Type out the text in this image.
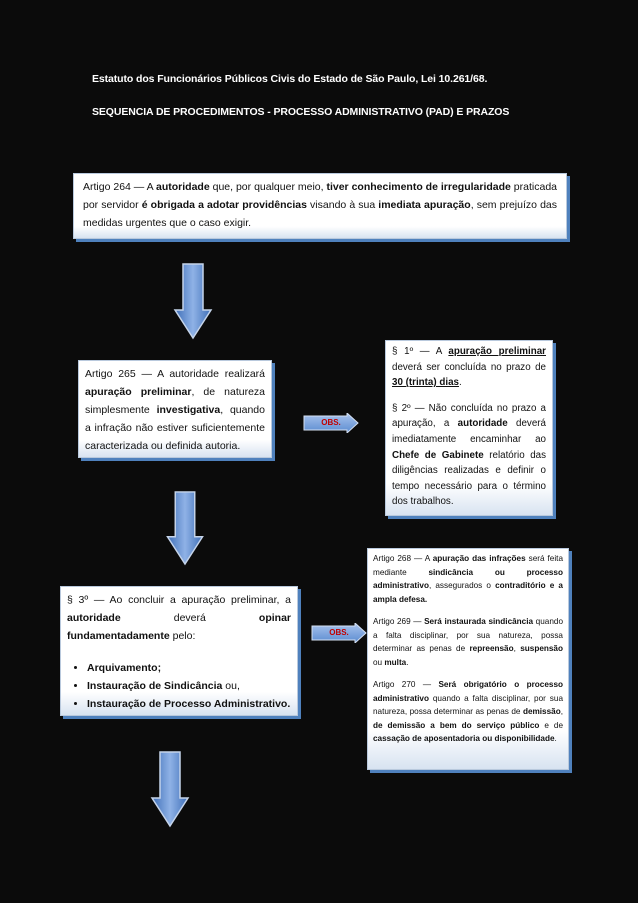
Estatuto dos Funcionários Públicos Civis do Estado de São Paulo, Lei 10.261/68.
SEQUENCIA DE PROCEDIMENTOS - PROCESSO ADMINISTRATIVO (PAD) E PRAZOS

Artigo 264 — A autoridade que, por qualquer meio, tiver conhecimento de irregularidade praticada por servidor é obrigada a adotar providências visando à sua imediata apuração, sem prejuízo das medidas urgentes que o caso exigir.

Artigo 265 — A autoridade realizará apuração preliminar, de natureza simplesmente investigativa, quando a infração não estiver suficientemente caracterizada ou definida autoria.

OBS.

§ 1º — A apuração preliminar deverá ser concluída no prazo de 30 (trinta) dias.

§ 2º — Não concluída no prazo a apuração, a autoridade deverá imediatamente encaminhar ao Chefe de Gabinete relatório das diligências realizadas e definir o tempo necessário para o término dos trabalhos.

§ 3º — Ao concluir a apuração preliminar, a autoridade deverá opinar fundamentadamente pelo:

• Arquivamento;
• Instauração de Sindicância ou,
• Instauração de Processo Administrativo.
OBS.

Artigo 268 — A apuração das infrações será feita mediante sindicância ou processo administrativo, assegurados o contraditório e a ampla defesa.

Artigo 269 — Será instaurada sindicância quando a falta disciplinar, por sua natureza, possa determinar as penas de repreensão, suspensão ou multa.

Artigo 270 — Será obrigatório o processo administrativo quando a falta disciplinar, por sua natureza, possa determinar as penas de demissão, de demissão a bem do serviço público e de cassação de aposentadoria ou disponibilidade.
